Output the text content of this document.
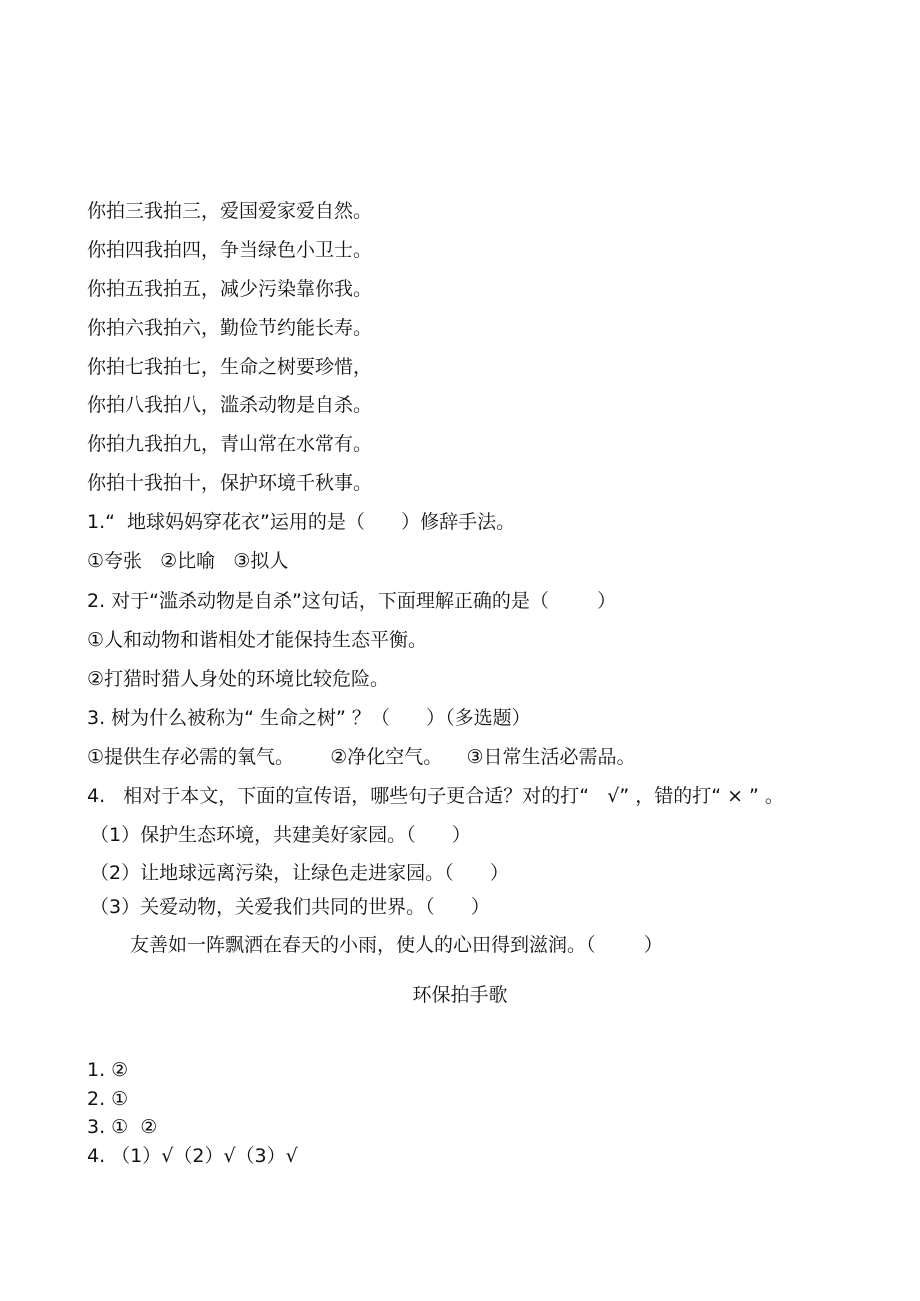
你拍三我拍三，爱国爱家爱自然。
你拍四我拍四，争当绿色小卫士。
你拍五我拍五，减少污染靠你我。
你拍六我拍六，勤俭节约能长寿。
你拍七我拍七，生命之树要珍惜，
你拍八我拍八，滥杀动物是自杀。
你拍九我拍九，青山常在水常有。
你拍十我拍十，保护环境千秋事。
1.“  地球妈妈穿花衣”运用的是（      ）修辞手法。
①夸张   ②比喻   ③拟人
2. 对于“滥杀动物是自杀”这句话，下面理解正确的是（        ）
①人和动物和谐相处才能保持生态平衡。
②打猎时猎人身处的环境比较危险。
3. 树为什么被称为“ 生命之树” ？（      ）（多选题）
①提供生存必需的氧气。      ②净化空气。    ③日常生活必需品。
4.   相对于本文，下面的宣传语，哪些句子更合适？对的打“   √” ，错的打“ × ” 。
（1）保护生态环境，共建美好家园。（      ）
（2）让地球远离污染，让绿色走进家园。（      ）
（3）关爱动物，关爱我们共同的世界。（      ）
友善如一阵飘洒在春天的小雨，使人的心田得到滋润。（        ）
环保拍手歌
1. ②
2. ①
3. ①  ②
4. （1）√（2）√（3）√
